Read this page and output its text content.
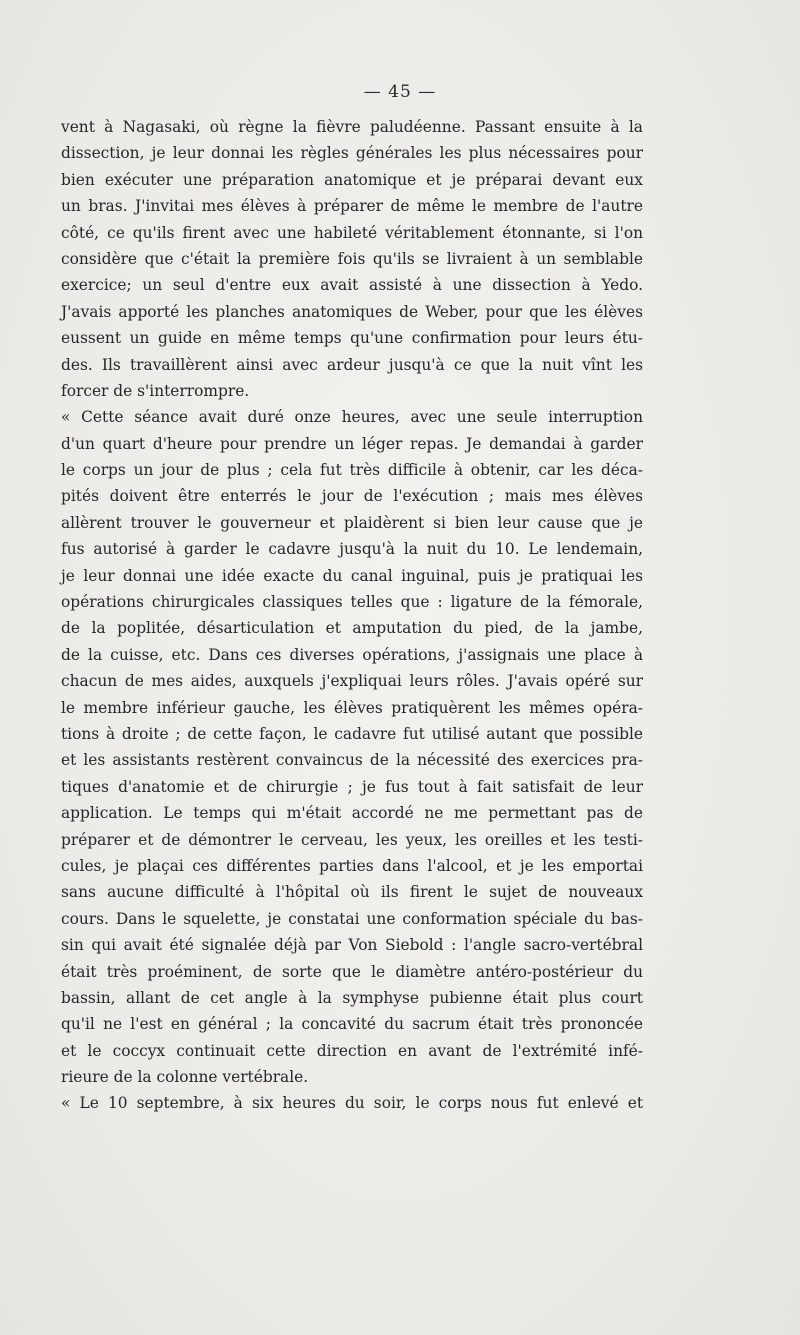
— 45 —
vent à Nagasaki, où règne la fièvre paludéenne. Passant ensuite à la
dissection, je leur donnai les règles générales les plus nécessaires pour
bien exécuter une préparation anatomique et je préparai devant eux
un bras. J'invitai mes élèves à préparer de même le membre de l'autre
côté, ce qu'ils firent avec une habileté véritablement étonnante, si l'on
considère que c'était la première fois qu'ils se livraient à un semblable
exercice; un seul d'entre eux avait assisté à une dissection à Yedo.
J'avais apporté les planches anatomiques de Weber, pour que les élèves
eussent un guide en même temps qu'une confirmation pour leurs étu-
des. Ils travaillèrent ainsi avec ardeur jusqu'à ce que la nuit vînt les
forcer de s'interrompre.
« Cette séance avait duré onze heures, avec une seule interruption
d'un quart d'heure pour prendre un léger repas. Je demandai à garder
le corps un jour de plus ; cela fut très difficile à obtenir, car les déca-
pités doivent être enterrés le jour de l'exécution ; mais mes élèves
allèrent trouver le gouverneur et plaidèrent si bien leur cause que je
fus autorisé à garder le cadavre jusqu'à la nuit du 10. Le lendemain,
je leur donnai une idée exacte du canal inguinal, puis je pratiquai les
opérations chirurgicales classiques telles que : ligature de la fémorale,
de la poplitée, désarticulation et amputation du pied, de la jambe,
de la cuisse, etc. Dans ces diverses opérations, j'assignais une place à
chacun de mes aides, auxquels j'expliquai leurs rôles. J'avais opéré sur
le membre inférieur gauche, les élèves pratiquèrent les mêmes opéra-
tions à droite ; de cette façon, le cadavre fut utilisé autant que possible
et les assistants restèrent convaincus de la nécessité des exercices pra-
tiques d'anatomie et de chirurgie ; je fus tout à fait satisfait de leur
application. Le temps qui m'était accordé ne me permettant pas de
préparer et de démontrer le cerveau, les yeux, les oreilles et les testi-
cules, je plaçai ces différentes parties dans l'alcool, et je les emportai
sans aucune difficulté à l'hôpital où ils firent le sujet de nouveaux
cours. Dans le squelette, je constatai une conformation spéciale du bas-
sin qui avait été signalée déjà par Von Siebold : l'angle sacro-vertébral
était très proéminent, de sorte que le diamètre antéro-postérieur du
bassin, allant de cet angle à la symphyse pubienne était plus court
qu'il ne l'est en général ; la concavité du sacrum était très prononcée
et le coccyx continuait cette direction en avant de l'extrémité infé-
rieure de la colonne vertébrale.
« Le 10 septembre, à six heures du soir, le corps nous fut enlevé et
